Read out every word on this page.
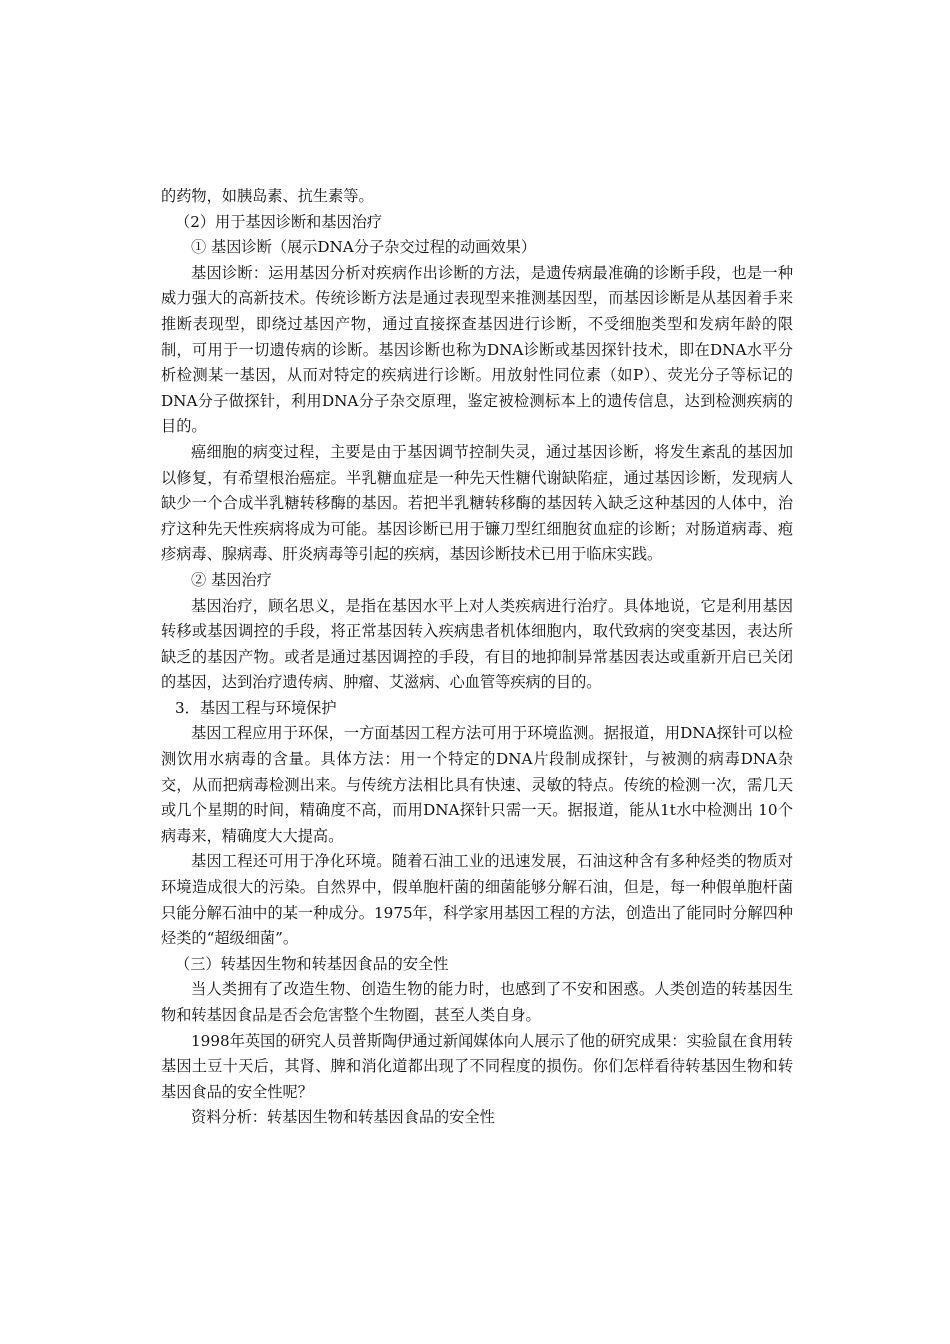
的药物，如胰岛素、抗生素等。

（2）用于基因诊断和基因治疗

① 基因诊断（展示DNA分子杂交过程的动画效果）

基因诊断：运用基因分析对疾病作出诊断的方法，是遗传病最准确的诊断手段，也是一种威力强大的高新技术。传统诊断方法是通过表现型来推测基因型，而基因诊断是从基因着手来推断表现型，即绕过基因产物，通过直接探查基因进行诊断，不受细胞类型和发病年龄的限制，可用于一切遗传病的诊断。基因诊断也称为DNA诊断或基因探针技术，即在DNA水平分析检测某一基因，从而对特定的疾病进行诊断。用放射性同位素（如P）、荧光分子等标记的DNA分子做探针，利用DNA分子杂交原理，鉴定被检测标本上的遗传信息，达到检测疾病的目的。

癌细胞的病变过程，主要是由于基因调节控制失灵，通过基因诊断，将发生紊乱的基因加以修复，有希望根治癌症。半乳糖血症是一种先天性糖代谢缺陷症，通过基因诊断，发现病人缺少一个合成半乳糖转移酶的基因。若把半乳糖转移酶的基因转入缺乏这种基因的人体中，治疗这种先天性疾病将成为可能。基因诊断已用于镰刀型红细胞贫血症的诊断；对肠道病毒、疱疹病毒、腺病毒、肝炎病毒等引起的疾病，基因诊断技术已用于临床实践。

② 基因治疗

基因治疗，顾名思义，是指在基因水平上对人类疾病进行治疗。具体地说，它是利用基因转移或基因调控的手段，将正常基因转入疾病患者机体细胞内，取代致病的突变基因，表达所缺乏的基因产物。或者是通过基因调控的手段，有目的地抑制异常基因表达或重新开启已关闭的基因，达到治疗遗传病、肿瘤、艾滋病、心血管等疾病的目的。

3．基因工程与环境保护

基因工程应用于环保，一方面基因工程方法可用于环境监测。据报道，用DNA探针可以检测饮用水病毒的含量。具体方法：用一个特定的DNA片段制成探针，与被测的病毒DNA杂交，从而把病毒检测出来。与传统方法相比具有快速、灵敏的特点。传统的检测一次，需几天或几个星期的时间，精确度不高，而用DNA探针只需一天。据报道，能从1t水中检测出 10个病毒来，精确度大大提高。

基因工程还可用于净化环境。随着石油工业的迅速发展，石油这种含有多种烃类的物质对环境造成很大的污染。自然界中，假单胞杆菌的细菌能够分解石油，但是，每一种假单胞杆菌只能分解石油中的某一种成分。1975年，科学家用基因工程的方法，创造出了能同时分解四种烃类的“超级细菌”。

（三）转基因生物和转基因食品的安全性

当人类拥有了改造生物、创造生物的能力时，也感到了不安和困惑。人类创造的转基因生物和转基因食品是否会危害整个生物圈，甚至人类自身。

1998年英国的研究人员普斯陶伊通过新闻媒体向人展示了他的研究成果：实验鼠在食用转基因土豆十天后，其肾、脾和消化道都出现了不同程度的损伤。你们怎样看待转基因生物和转基因食品的安全性呢？

资料分析：转基因生物和转基因食品的安全性
